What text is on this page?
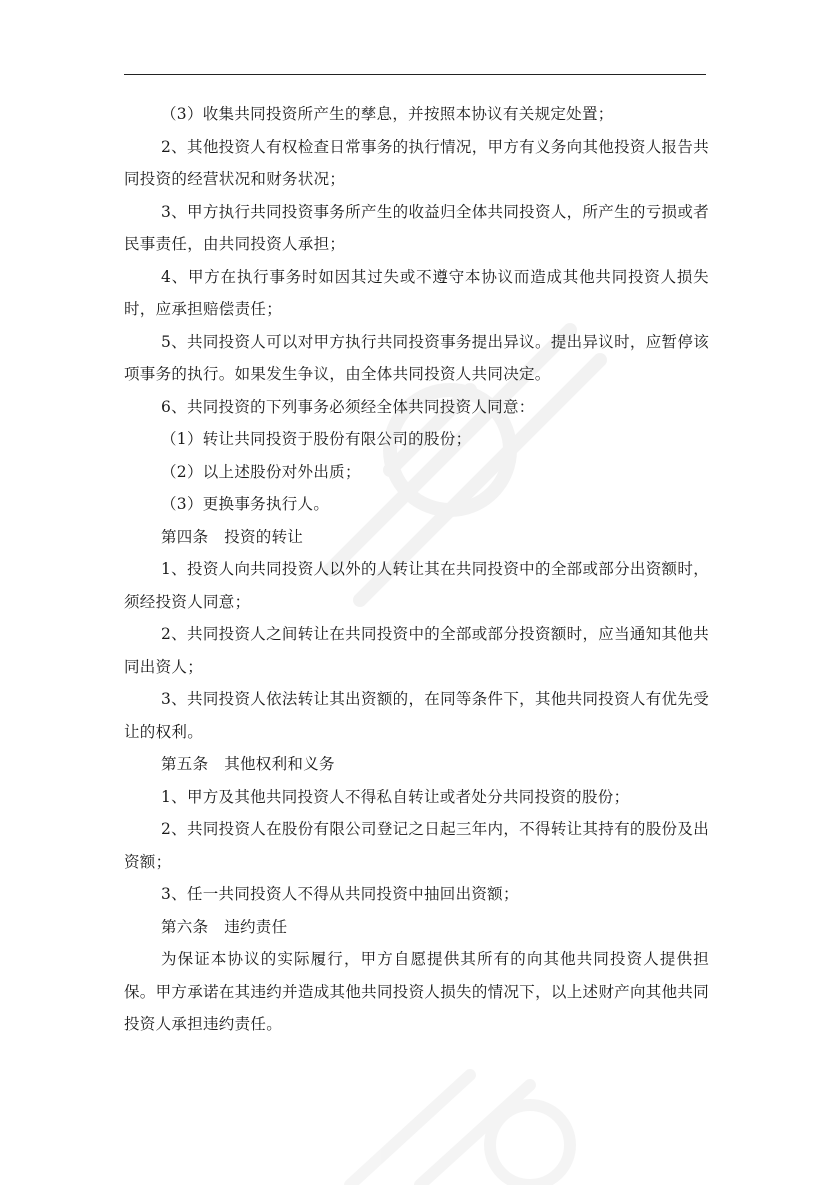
（3）收集共同投资所产生的孳息，并按照本协议有关规定处置；

2、其他投资人有权检查日常事务的执行情况，甲方有义务向其他投资人报告共同投资的经营状况和财务状况；

3、甲方执行共同投资事务所产生的收益归全体共同投资人，所产生的亏损或者民事责任，由共同投资人承担；

4、甲方在执行事务时如因其过失或不遵守本协议而造成其他共同投资人损失时，应承担赔偿责任；

5、共同投资人可以对甲方执行共同投资事务提出异议。提出异议时，应暂停该项事务的执行。如果发生争议，由全体共同投资人共同决定。

6、共同投资的下列事务必须经全体共同投资人同意：

（1）转让共同投资于股份有限公司的股份；

（2）以上述股份对外出质；

（3）更换事务执行人。

第四条　投资的转让

1、投资人向共同投资人以外的人转让其在共同投资中的全部或部分出资额时，须经投资人同意；

2、共同投资人之间转让在共同投资中的全部或部分投资额时，应当通知其他共同出资人；

3、共同投资人依法转让其出资额的，在同等条件下，其他共同投资人有优先受让的权利。

第五条　其他权利和义务

1、甲方及其他共同投资人不得私自转让或者处分共同投资的股份；

2、共同投资人在股份有限公司登记之日起三年内，不得转让其持有的股份及出资额；

3、任一共同投资人不得从共同投资中抽回出资额；

第六条　违约责任

为保证本协议的实际履行，甲方自愿提供其所有的向其他共同投资人提供担保。甲方承诺在其违约并造成其他共同投资人损失的情况下，以上述财产向其他共同投资人承担违约责任。
